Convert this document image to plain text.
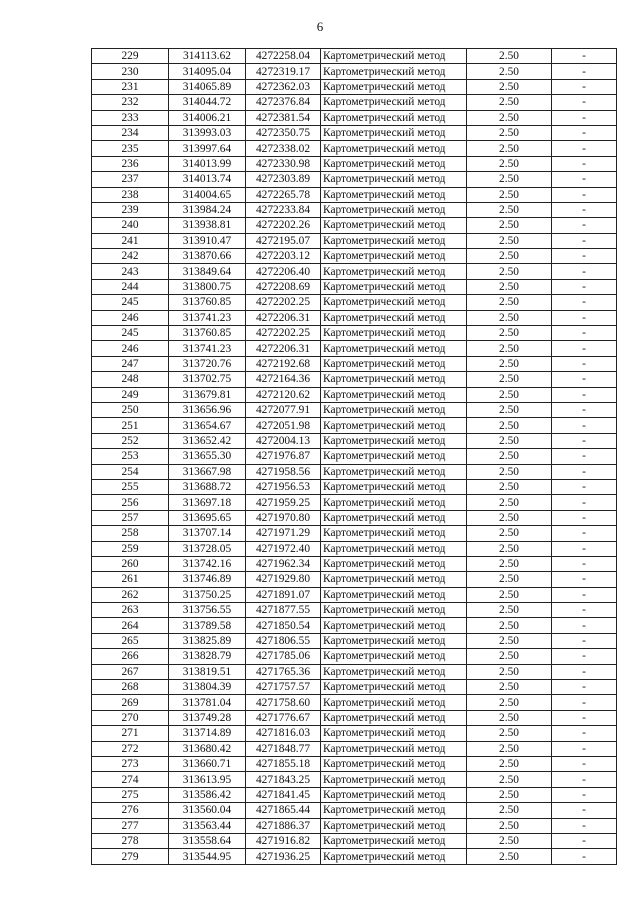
6
229	314113.62	4272258.04	Картометрический метод	2.50	-
230	314095.04	4272319.17	Картометрический метод	2.50	-
231	314065.89	4272362.03	Картометрический метод	2.50	-
232	314044.72	4272376.84	Картометрический метод	2.50	-
233	314006.21	4272381.54	Картометрический метод	2.50	-
234	313993.03	4272350.75	Картометрический метод	2.50	-
235	313997.64	4272338.02	Картометрический метод	2.50	-
236	314013.99	4272330.98	Картометрический метод	2.50	-
237	314013.74	4272303.89	Картометрический метод	2.50	-
238	314004.65	4272265.78	Картометрический метод	2.50	-
239	313984.24	4272233.84	Картометрический метод	2.50	-
240	313938.81	4272202.26	Картометрический метод	2.50	-
241	313910.47	4272195.07	Картометрический метод	2.50	-
242	313870.66	4272203.12	Картометрический метод	2.50	-
243	313849.64	4272206.40	Картометрический метод	2.50	-
244	313800.75	4272208.69	Картометрический метод	2.50	-
245	313760.85	4272202.25	Картометрический метод	2.50	-
246	313741.23	4272206.31	Картометрический метод	2.50	-
245	313760.85	4272202.25	Картометрический метод	2.50	-
246	313741.23	4272206.31	Картометрический метод	2.50	-
247	313720.76	4272192.68	Картометрический метод	2.50	-
248	313702.75	4272164.36	Картометрический метод	2.50	-
249	313679.81	4272120.62	Картометрический метод	2.50	-
250	313656.96	4272077.91	Картометрический метод	2.50	-
251	313654.67	4272051.98	Картометрический метод	2.50	-
252	313652.42	4272004.13	Картометрический метод	2.50	-
253	313655.30	4271976.87	Картометрический метод	2.50	-
254	313667.98	4271958.56	Картометрический метод	2.50	-
255	313688.72	4271956.53	Картометрический метод	2.50	-
256	313697.18	4271959.25	Картометрический метод	2.50	-
257	313695.65	4271970.80	Картометрический метод	2.50	-
258	313707.14	4271971.29	Картометрический метод	2.50	-
259	313728.05	4271972.40	Картометрический метод	2.50	-
260	313742.16	4271962.34	Картометрический метод	2.50	-
261	313746.89	4271929.80	Картометрический метод	2.50	-
262	313750.25	4271891.07	Картометрический метод	2.50	-
263	313756.55	4271877.55	Картометрический метод	2.50	-
264	313789.58	4271850.54	Картометрический метод	2.50	-
265	313825.89	4271806.55	Картометрический метод	2.50	-
266	313828.79	4271785.06	Картометрический метод	2.50	-
267	313819.51	4271765.36	Картометрический метод	2.50	-
268	313804.39	4271757.57	Картометрический метод	2.50	-
269	313781.04	4271758.60	Картометрический метод	2.50	-
270	313749.28	4271776.67	Картометрический метод	2.50	-
271	313714.89	4271816.03	Картометрический метод	2.50	-
272	313680.42	4271848.77	Картометрический метод	2.50	-
273	313660.71	4271855.18	Картометрический метод	2.50	-
274	313613.95	4271843.25	Картометрический метод	2.50	-
275	313586.42	4271841.45	Картометрический метод	2.50	-
276	313560.04	4271865.44	Картометрический метод	2.50	-
277	313563.44	4271886.37	Картометрический метод	2.50	-
278	313558.64	4271916.82	Картометрический метод	2.50	-
279	313544.95	4271936.25	Картометрический метод	2.50	-
